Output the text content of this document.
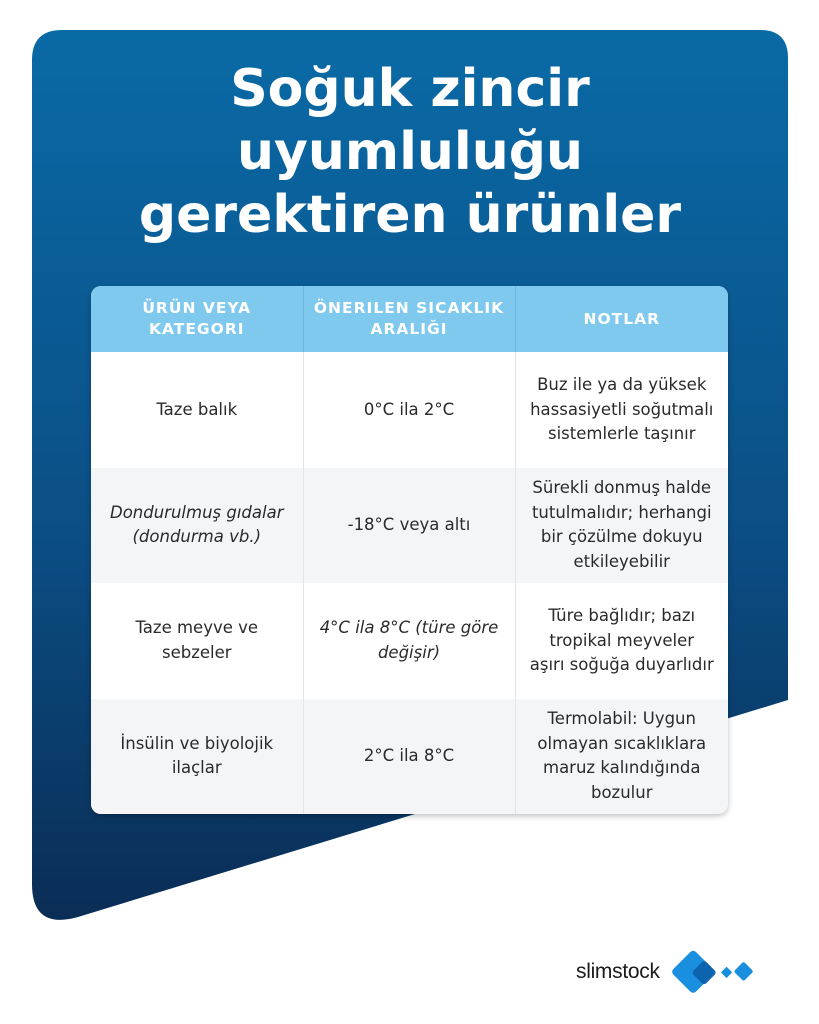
Soğuk zincir
uyumluluğu
gerektiren ürünler
ÜRÜN VEYA KATEGORI	ÖNERILEN SICAKLIK ARALIĞI	NOTLAR
Taze balık	0°C ila 2°C	Buz ile ya da yüksek hassasiyetli soğutmalı sistemlerle taşınır
Dondurulmuş gıdalar (dondurma vb.)	-18°C veya altı	Sürekli donmuş halde tutulmalıdır; herhangi bir çözülme dokuyu etkileyebilir
Taze meyve ve sebzeler	4°C ila 8°C (türe göre değişir)	Türe bağlıdır; bazı tropikal meyveler aşırı soğuğa duyarlıdır
İnsülin ve biyolojik ilaçlar	2°C ila 8°C	Termolabil: Uygun olmayan sıcaklıklara maruz kalındığında bozulur
slimstock
